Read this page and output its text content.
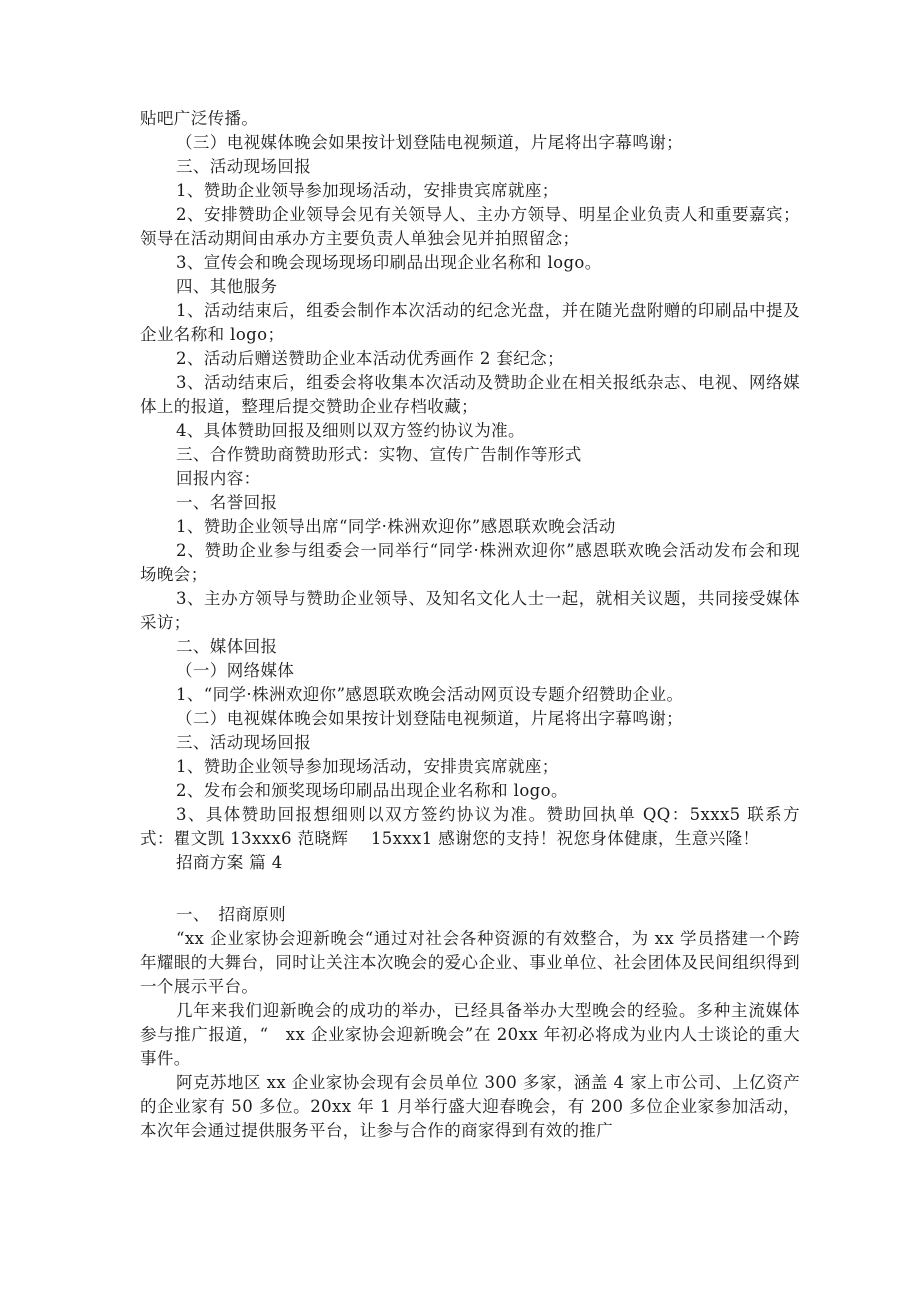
贴吧广泛传播。

（三）电视媒体晚会如果按计划登陆电视频道，片尾将出字幕鸣谢；

三、活动现场回报

1、赞助企业领导参加现场活动，安排贵宾席就座；

2、安排赞助企业领导会见有关领导人、主办方领导、明星企业负责人和重要嘉宾；领导在活动期间由承办方主要负责人单独会见并拍照留念；

3、宣传会和晚会现场现场印刷品出现企业名称和 logo。

四、其他服务

1、活动结束后，组委会制作本次活动的纪念光盘，并在随光盘附赠的印刷品中提及企业名称和 logo；

2、活动后赠送赞助企业本活动优秀画作 2 套纪念；

3、活动结束后，组委会将收集本次活动及赞助企业在相关报纸杂志、电视、网络媒体上的报道，整理后提交赞助企业存档收藏；

4、具体赞助回报及细则以双方签约协议为准。

三、合作赞助商赞助形式：实物、宣传广告制作等形式

回报内容：

一、名誉回报

1、赞助企业领导出席“同学·株洲欢迎你”感恩联欢晚会活动

2、赞助企业参与组委会一同举行“同学·株洲欢迎你”感恩联欢晚会活动发布会和现场晚会；

3、主办方领导与赞助企业领导、及知名文化人士一起，就相关议题，共同接受媒体采访；

二、媒体回报

（一）网络媒体

1、“同学·株洲欢迎你”感恩联欢晚会活动网页设专题介绍赞助企业。

（二）电视媒体晚会如果按计划登陆电视频道，片尾将出字幕鸣谢；

三、活动现场回报

1、赞助企业领导参加现场活动，安排贵宾席就座；

2、发布会和颁奖现场印刷品出现企业名称和 logo。

3、具体赞助回报想细则以双方签约协议为准。赞助回执单 QQ：5xxx5 联系方式：瞿文凯 13xxx6 范晓辉　 15xxx1 感谢您的支持！祝您身体健康，生意兴隆！

招商方案 篇 4

一、　招商原则

“xx 企业家协会迎新晚会“通过对社会各种资源的有效整合，为 xx 学员搭建一个跨年耀眼的大舞台，同时让关注本次晚会的爱心企业、事业单位、社会团体及民间组织得到一个展示平台。

几年来我们迎新晚会的成功的举办，已经具备举办大型晚会的经验。多种主流媒体参与推广报道，“　xx 企业家协会迎新晚会”在 20xx 年初必将成为业内人士谈论的重大事件。

阿克苏地区 xx 企业家协会现有会员单位 300 多家，涵盖 4 家上市公司、上亿资产的企业家有 50 多位。20xx 年 1 月举行盛大迎春晚会，有 200 多位企业家参加活动，本次年会通过提供服务平台，让参与合作的商家得到有效的推广
